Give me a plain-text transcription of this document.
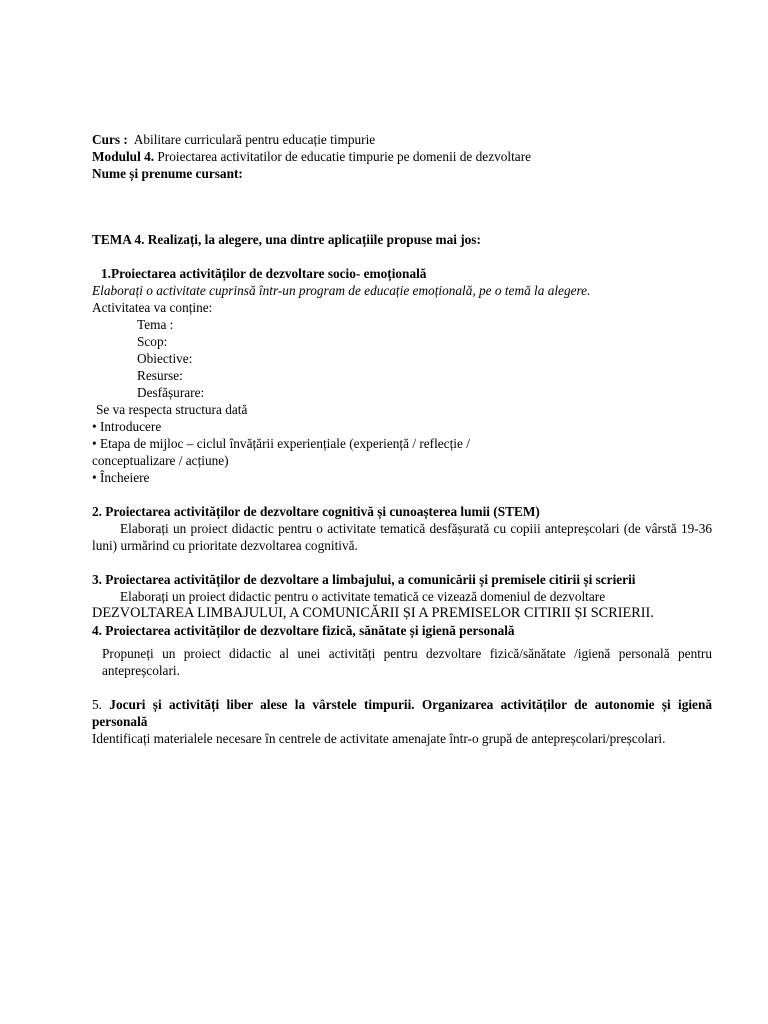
Curs : Abilitare curriculară pentru educație timpurie

Modulul 4. Proiectarea activitatilor de educatie timpurie pe domenii de dezvoltare

Nume și prenume cursant:

TEMA 4. Realizați, la alegere, una dintre aplicațiile propuse mai jos:

1.Proiectarea activităților de dezvoltare socio- emoțională

Elaborați o activitate cuprinsă într-un program de educație emoțională, pe o temă la alegere.

Activitatea va conține:

Tema :

Scop:

Obiective:

Resurse:

Desfășurare:

Se va respecta structura dată

• Introducere

• Etapa de mijloc – ciclul învățării experiențiale (experiență / reflecție /

conceptualizare / acțiune)

• Încheiere

2. Proiectarea activităților de dezvoltare cognitivă și cunoașterea lumii (STEM)

Elaborați un proiect didactic pentru o activitate tematică desfășurată cu copiii antepreșcolari (de vârstă 19-36 luni) urmărind cu prioritate dezvoltarea cognitivă.

3. Proiectarea activităților de dezvoltare a limbajului, a comunicării și premisele citirii și scrierii

Elaborați un proiect didactic pentru o activitate tematică ce vizează domeniul de dezvoltare

DEZVOLTAREA LIMBAJULUI, A COMUNICĂRII ȘI A PREMISELOR CITIRII ȘI SCRIERII.

4. Proiectarea activităților de dezvoltare fizică, sănătate și igienă personală

Propuneți un proiect didactic al unei activități pentru dezvoltare fizică/sănătate /igienă personală pentru antepreșcolari.

5. Jocuri și activități liber alese la vârstele timpurii. Organizarea activităților de autonomie și igienă personală

Identificați materialele necesare în centrele de activitate amenajate într-o grupă de antepreșcolari/preșcolari.
